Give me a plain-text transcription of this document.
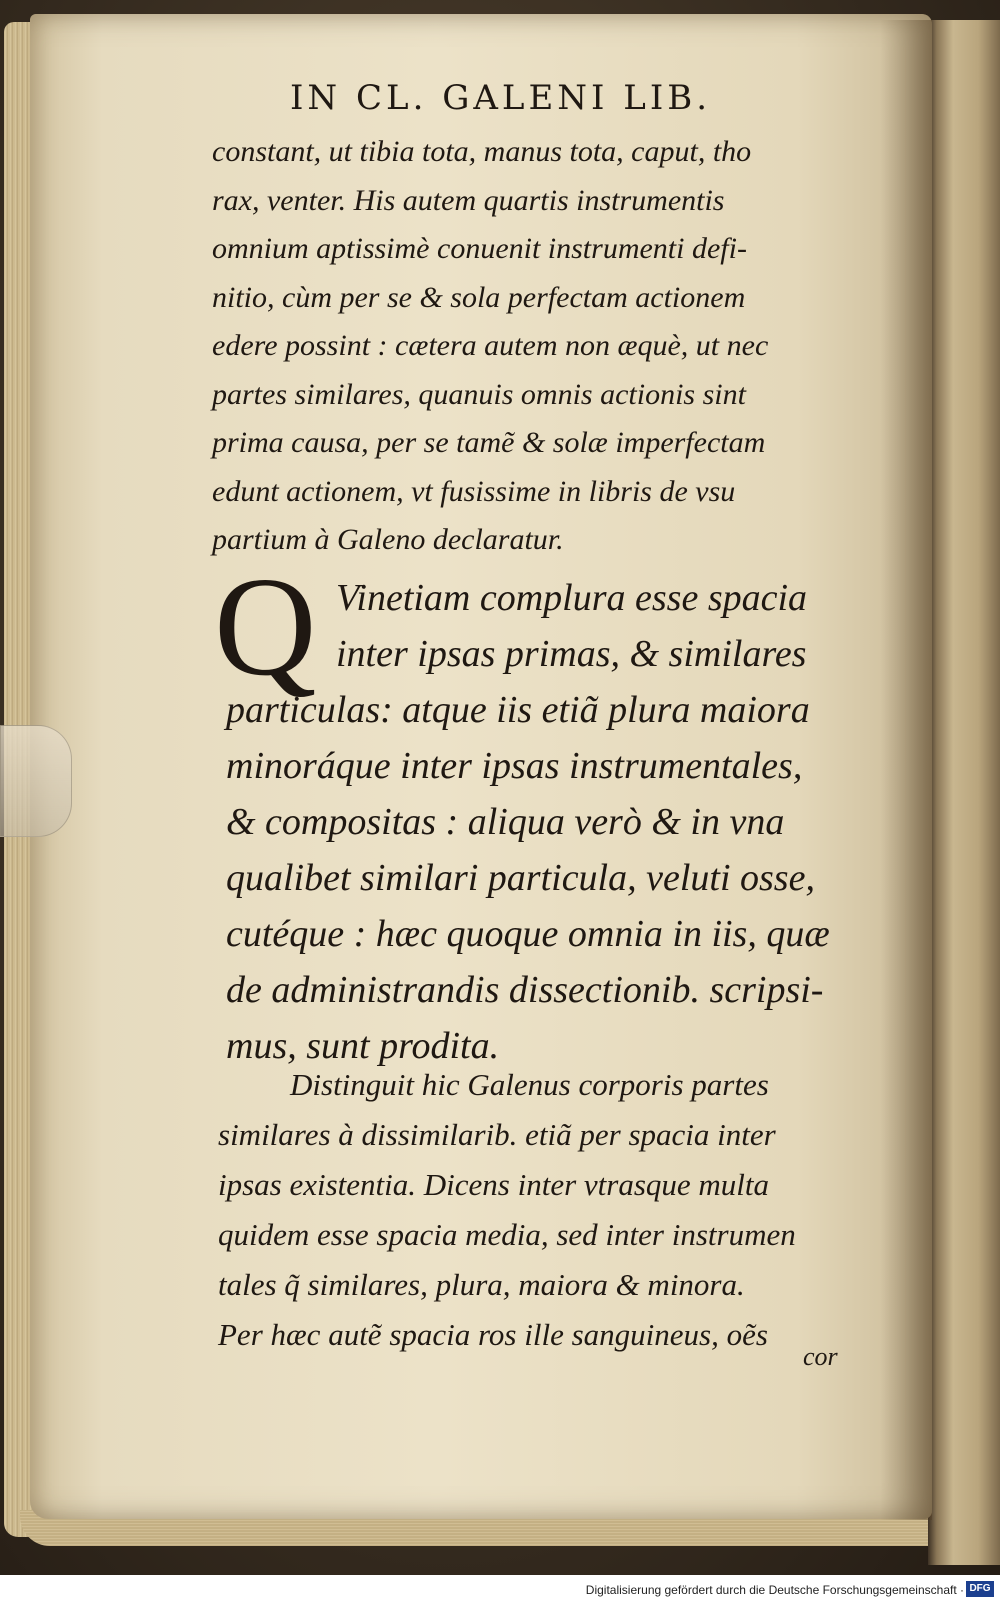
IN CL. GALENI LIB.
constant, ut tibia tota, manus tota, caput, tho
rax, venter. His autem quartis instrumentis
omnium aptissimè conuenit instrumenti defi-
nitio, cùm per se & sola perfectam actionem
edere possint : cætera autem non æquè, ut nec
partes similares, quanuis omnis actionis sint
prima causa, per se tamẽ & solæ imperfectam
edunt actionem, vt fusissime in libris de vsu
partium à Galeno declaratur.
Q Vinetiam complura esse spacia
inter ipsas primas, & similares
particulas: atque iis etiã plura maiora
minoráque inter ipsas instrumentales,
& compositas : aliqua verò & in vna
qualibet similari particula, veluti osse,
cutéque : hæc quoque omnia in iis, quæ
de administrandis dissectionib. scripsi-
mus, sunt prodita.
Distinguit hic Galenus corporis partes
similares à dissimilarib. etiã per spacia inter
ipsas existentia. Dicens inter vtrasque multa
quidem esse spacia media, sed inter instrumen
tales q̃ similares, plura, maiora & minora.
Per hæc autẽ spacia ros ille sanguineus, oẽs
cor
Digitalisierung gefördert durch die Deutsche Forschungsgemeinschaft · DFG
